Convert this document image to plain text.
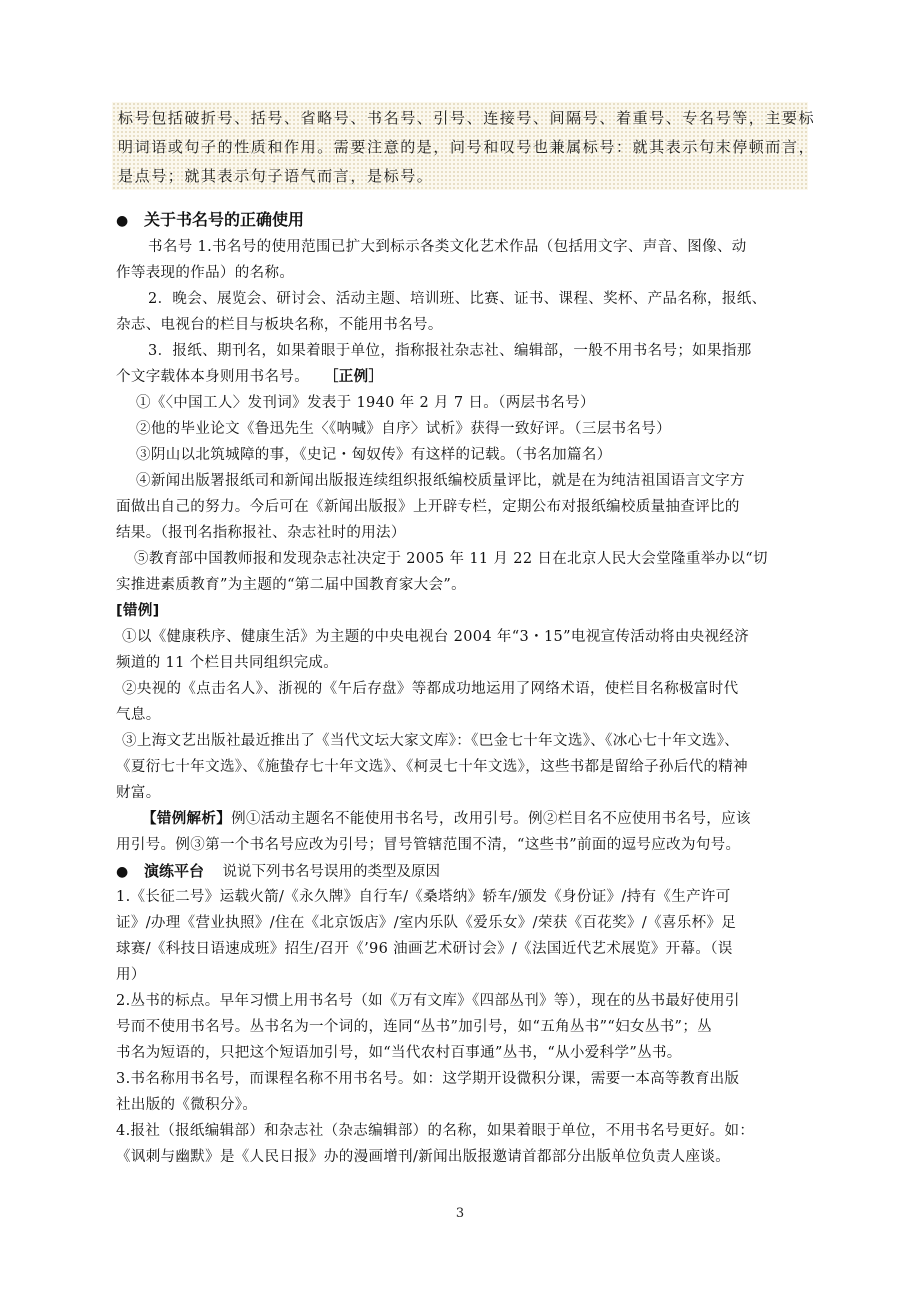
标号包括破折号、括号、省略号、书名号、引号、连接号、间隔号、着重号、专名号等，主要标
明词语或句子的性质和作用。需要注意的是，问号和叹号也兼属标号：就其表示句末停顿而言，
是点号；就其表示句子语气而言，是标号。

● 关于书名号的正确使用
书名号 1.书名号的使用范围已扩大到标示各类文化艺术作品（包括用文字、声音、图像、动
作等表现的作品）的名称。
2．晚会、展览会、研讨会、活动主题、培训班、比赛、证书、课程、奖杯、产品名称，报纸、
杂志、电视台的栏目与板块名称，不能用书名号。
3．报纸、期刊名，如果着眼于单位，指称报社杂志社、编辑部，一般不用书名号；如果指那
个文字载体本身则用书名号。 ［正例］
①《〈中国工人〉发刊词》发表于 1940 年 2 月 7 日。（两层书名号）
②他的毕业论文《鲁迅先生〈《呐喊》自序〉试析》获得一致好评。（三层书名号）
③阴山以北筑城障的事，《史记・匈奴传》有这样的记载。（书名加篇名）
④新闻出版署报纸司和新闻出版报连续组织报纸编校质量评比，就是在为纯洁祖国语言文字方
面做出自己的努力。今后可在《新闻出版报》上开辟专栏，定期公布对报纸编校质量抽查评比的
结果。（报刊名指称报社、杂志社时的用法）
⑤教育部中国教师报和发现杂志社决定于 2005 年 11 月 22 日在北京人民大会堂隆重举办以“切
实推进素质教育”为主题的“第二届中国教育家大会”。
[错例]
①以《健康秩序、健康生活》为主题的中央电视台 2004 年“3・15”电视宣传活动将由央视经济
频道的 11 个栏目共同组织完成。
②央视的《点击名人》、浙视的《午后存盘》等都成功地运用了网络术语，使栏目名称极富时代
气息。
③上海文艺出版社最近推出了《当代文坛大家文库》：《巴金七十年文选》、《冰心七十年文选》、
《夏衍七十年文选》、《施蛰存七十年文选》、《柯灵七十年文选》，这些书都是留给子孙后代的精神
财富。
【错例解析】例①活动主题名不能使用书名号，改用引号。例②栏目名不应使用书名号，应该
用引号。例③第一个书名号应改为引号；冒号管辖范围不清，“这些书”前面的逗号应改为句号。
● 演练平台 说说下列书名号误用的类型及原因
1.《长征二号》运载火箭/《永久牌》自行车/《桑塔纳》轿车/颁发《身份证》/持有《生产许可
证》/办理《营业执照》/住在《北京饭店》/室内乐队《爱乐女》/荣获《百花奖》/《喜乐杯》足
球赛/《科技日语速成班》招生/召开《’96 油画艺术研讨会》/《法国近代艺术展览》开幕。（误
用）
2.丛书的标点。早年习惯上用书名号（如《万有文库》《四部丛刊》等），现在的丛书最好使用引
号而不使用书名号。丛书名为一个词的，连同“丛书”加引号，如“五角丛书”“妇女丛书”；丛
书名为短语的，只把这个短语加引号，如“当代农村百事通”丛书，“从小爱科学”丛书。
3.书名称用书名号，而课程名称不用书名号。如：这学期开设微积分课，需要一本高等教育出版
社出版的《微积分》。
4.报社（报纸编辑部）和杂志社（杂志编辑部）的名称，如果着眼于单位，不用书名号更好。如：
《讽刺与幽默》是《人民日报》办的漫画增刊/新闻出版报邀请首都部分出版单位负责人座谈。
3
